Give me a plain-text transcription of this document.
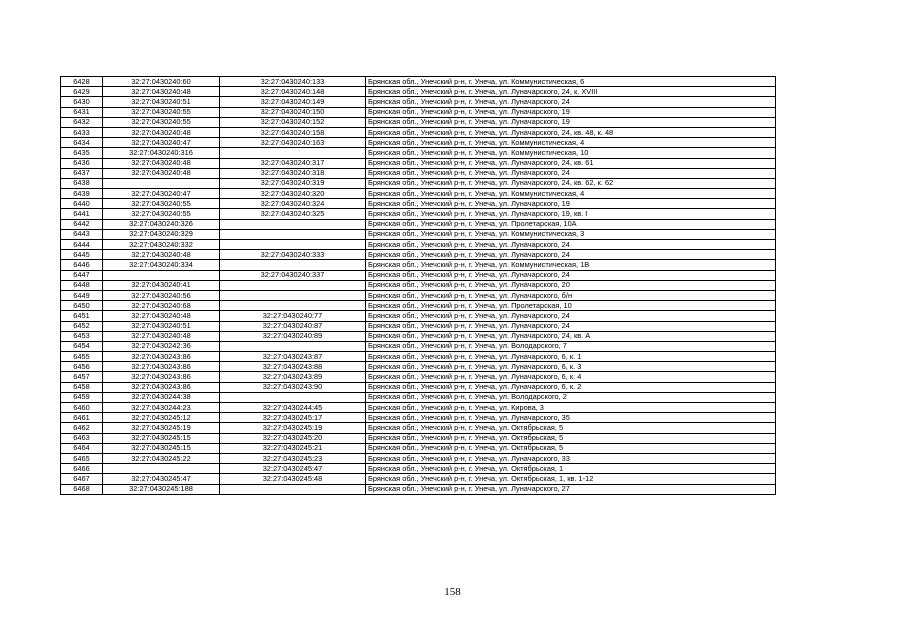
6428	32:27:0430240:60	32:27:0430240:133	Брянская обл., Унечский р-н, г. Унеча, ул. Коммунистическая, 6
6429	32:27:0430240:48	32:27:0430240:148	Брянская обл., Унечский р-н, г. Унеча, ул. Луначарского, 24, к. XVIII
6430	32:27:0430240:51	32:27:0430240:149	Брянская обл., Унечский р-н, г. Унеча, ул. Луначарского, 24
6431	32:27:0430240:55	32:27:0430240:150	Брянская обл., Унечский р-н, г. Унеча, ул. Луначарского, 19
6432	32:27:0430240:55	32:27:0430240:152	Брянская обл., Унечский р-н, г. Унеча, ул. Луначарского, 19
6433	32:27:0430240:48	32:27:0430240:158	Брянская обл., Унечский р-н, г. Унеча, ул. Луначарского, 24, кв. 48, к. 48
6434	32:27:0430240:47	32:27:0430240:163	Брянская обл., Унечский р-н, г. Унеча, ул. Коммунистическая, 4
6435	32:27:0430240:316		Брянская обл., Унечский р-н, г. Унеча, ул. Коммунистическая, 10
6436	32:27:0430240:48	32:27:0430240:317	Брянская обл., Унечский р-н, г. Унеча, ул. Луначарского, 24, кв. 61
6437	32:27:0430240:48	32:27:0430240:318	Брянская обл., Унечский р-н, г. Унеча, ул. Луначарского, 24
6438		32:27:0430240:319	Брянская обл., Унечский р-н, г. Унеча, ул. Луначарского, 24, кв. 62, к. 62
6439	32:27:0430240:47	32:27:0430240:320	Брянская обл., Унечский р-н, г. Унеча, ул. Коммунистическая, 4
6440	32:27:0430240:55	32:27:0430240:324	Брянская обл., Унечский р-н, г. Унеча, ул. Луначарского, 19
6441	32:27:0430240:55	32:27:0430240:325	Брянская обл., Унечский р-н, г. Унеча, ул. Луначарского, 19, кв. I
6442	32:27:0430240:326		Брянская обл., Унечский р-н, г. Унеча, ул. Пролетарская, 10А
6443	32:27:0430240:329		Брянская обл., Унечский р-н, г. Унеча, ул. Коммунистическая, 3
6444	32:27:0430240:332		Брянская обл., Унечский р-н, г. Унеча, ул. Луначарского, 24
6445	32:27:0430240:48	32:27:0430240:333	Брянская обл., Унечский р-н, г. Унеча, ул. Луначарского, 24
6446	32:27:0430240:334		Брянская обл., Унечский р-н, г. Унеча, ул. Коммунистическая, 1В
6447		32:27:0430240:337	Брянская обл., Унечский р-н, г. Унеча, ул. Луначарского, 24
6448	32:27:0430240:41		Брянская обл., Унечский р-н, г. Унеча, ул. Луначарского, 20
6449	32:27:0430240:56		Брянская обл., Унечский р-н, г. Унеча, ул. Луначарского, б/н
6450	32:27:0430240:68		Брянская обл., Унечский р-н, г. Унеча, ул. Пролетарская, 10
6451	32:27:0430240:48	32:27:0430240:77	Брянская обл., Унечский р-н, г. Унеча, ул. Луначарского, 24
6452	32:27:0430240:51	32:27:0430240:87	Брянская обл., Унечский р-н, г. Унеча, ул. Луначарского, 24
6453	32:27:0430240:48	32:27:0430240:89	Брянская обл., Унечский р-н, г. Унеча, ул. Луначарского, 24, кв. А
6454	32:27:0430242:36		Брянская обл., Унечский р-н, г. Унеча, ул. Володарского, 7
6455	32:27:0430243:86	32:27:0430243:87	Брянская обл., Унечский р-н, г. Унеча, ул. Луначарского, 6, к. 1
6456	32:27:0430243:86	32:27:0430243:88	Брянская обл., Унечский р-н, г. Унеча, ул. Луначарского, 6, к. 3
6457	32:27:0430243:86	32:27:0430243:89	Брянская обл., Унечский р-н, г. Унеча, ул. Луначарского, 6, к. 4
6458	32:27:0430243:86	32:27:0430243:90	Брянская обл., Унечский р-н, г. Унеча, ул. Луначарского, 6, к. 2
6459	32:27:0430244:38		Брянская обл., Унечский р-н, г. Унеча, ул. Володарского, 2
6460	32:27:0430244:23	32:27:0430244:45	Брянская обл., Унечский р-н, г. Унеча, ул. Кирова, 3
6461	32:27:0430245:12	32:27:0430245:17	Брянская обл., Унечский р-н, г. Унеча, ул. Луначарского, 35
6462	32:27:0430245:19	32:27:0430245:19	Брянская обл., Унечский р-н, г. Унеча, ул. Октябрьская, 5
6463	32:27:0430245:15	32:27:0430245:20	Брянская обл., Унечский р-н, г. Унеча, ул. Октябрьская, 5
6464	32:27:0430245:15	32:27:0430245:21	Брянская обл., Унечский р-н, г. Унеча, ул. Октябрьская, 5
6465	32:27:0430245:22	32:27:0430245:23	Брянская обл., Унечский р-н, г. Унеча, ул. Луначарского, 33
6466		32:27:0430245:47	Брянская обл., Унечский р-н, г. Унеча, ул. Октябрьская, 1
6467	32:27:0430245:47	32:27:0430245:48	Брянская обл., Унечский р-н, г. Унеча, ул. Октябрьская, 1, кв. 1-12
6468	32:27:0430245:188		Брянская обл., Унечский р-н, г. Унеча, ул. Луначарского, 27
158
